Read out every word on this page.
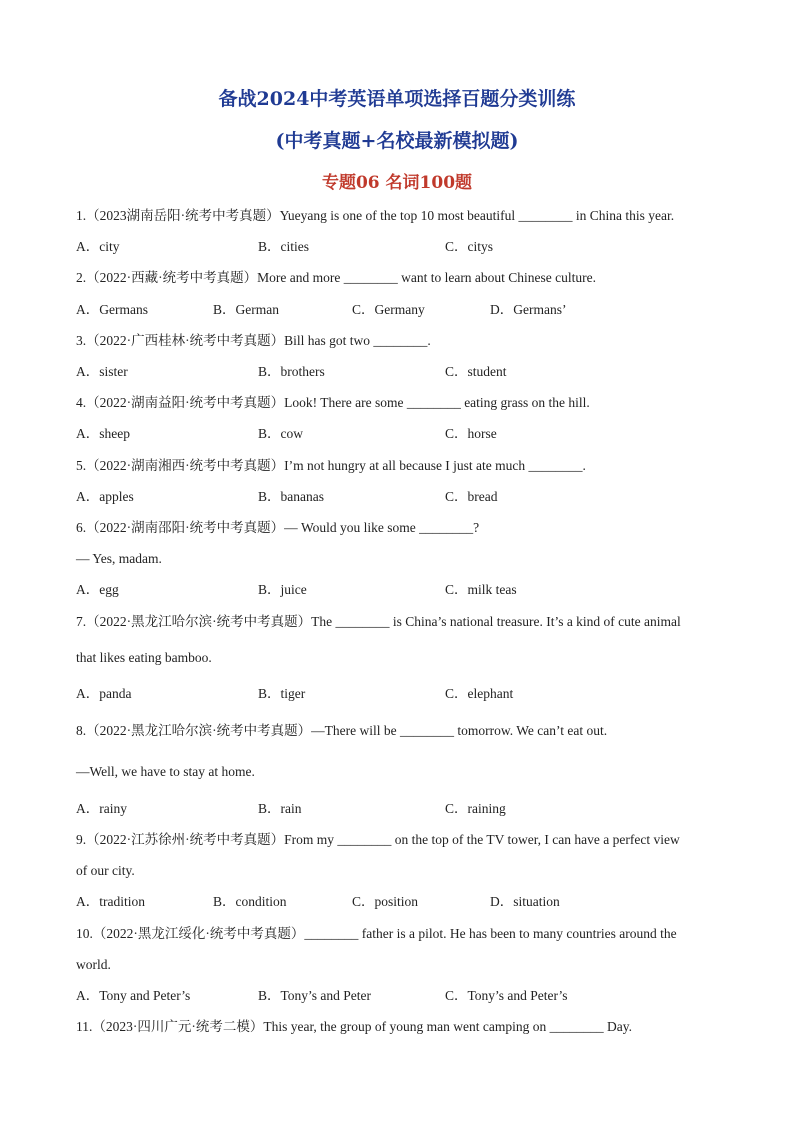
备战2024中考英语单项选择百题分类训练
(中考真题+名校最新模拟题)
专题06 名词100题
1.（2023湖南岳阳·统考中考真题）Yueyang is one of the top 10 most beautiful ________ in China this year.
A．city	B．cities	C．citys
2.（2022·西藏·统考中考真题）More and more ________ want to learn about Chinese culture.
A．Germans	B．German	C．Germany	D．Germans’
3.（2022·广西桂林·统考中考真题）Bill has got two ________.
A．sister	B．brothers	C．student
4.（2022·湖南益阳·统考中考真题）Look! There are some ________ eating grass on the hill.
A．sheep	B．cow	C．horse
5.（2022·湖南湘西·统考中考真题）I’m not hungry at all because I just ate much ________.
A．apples	B．bananas	C．bread
6.（2022·湖南邵阳·统考中考真题）— Would you like some ________?
— Yes, madam.
A．egg	B．juice	C．milk teas
7.（2022·黑龙江哈尔滨·统考中考真题）The ________ is China’s national treasure. It’s a kind of cute animal
that likes eating bamboo.
A．panda	B．tiger	C．elephant
8.（2022·黑龙江哈尔滨·统考中考真题）—There will be ________ tomorrow. We can’t eat out.
—Well, we have to stay at home.
A．rainy	B．rain	C．raining
9.（2022·江苏徐州·统考中考真题）From my ________ on the top of the TV tower, I can have a perfect view
of our city.
A．tradition	B．condition	C．position	D．situation
10.（2022·黑龙江绥化·统考中考真题）________ father is a pilot. He has been to many countries around the
world.
A．Tony and Peter’s	B．Tony’s and Peter	C．Tony’s and Peter’s
11.（2023·四川广元·统考二模）This year, the group of young man went camping on ________ Day.
